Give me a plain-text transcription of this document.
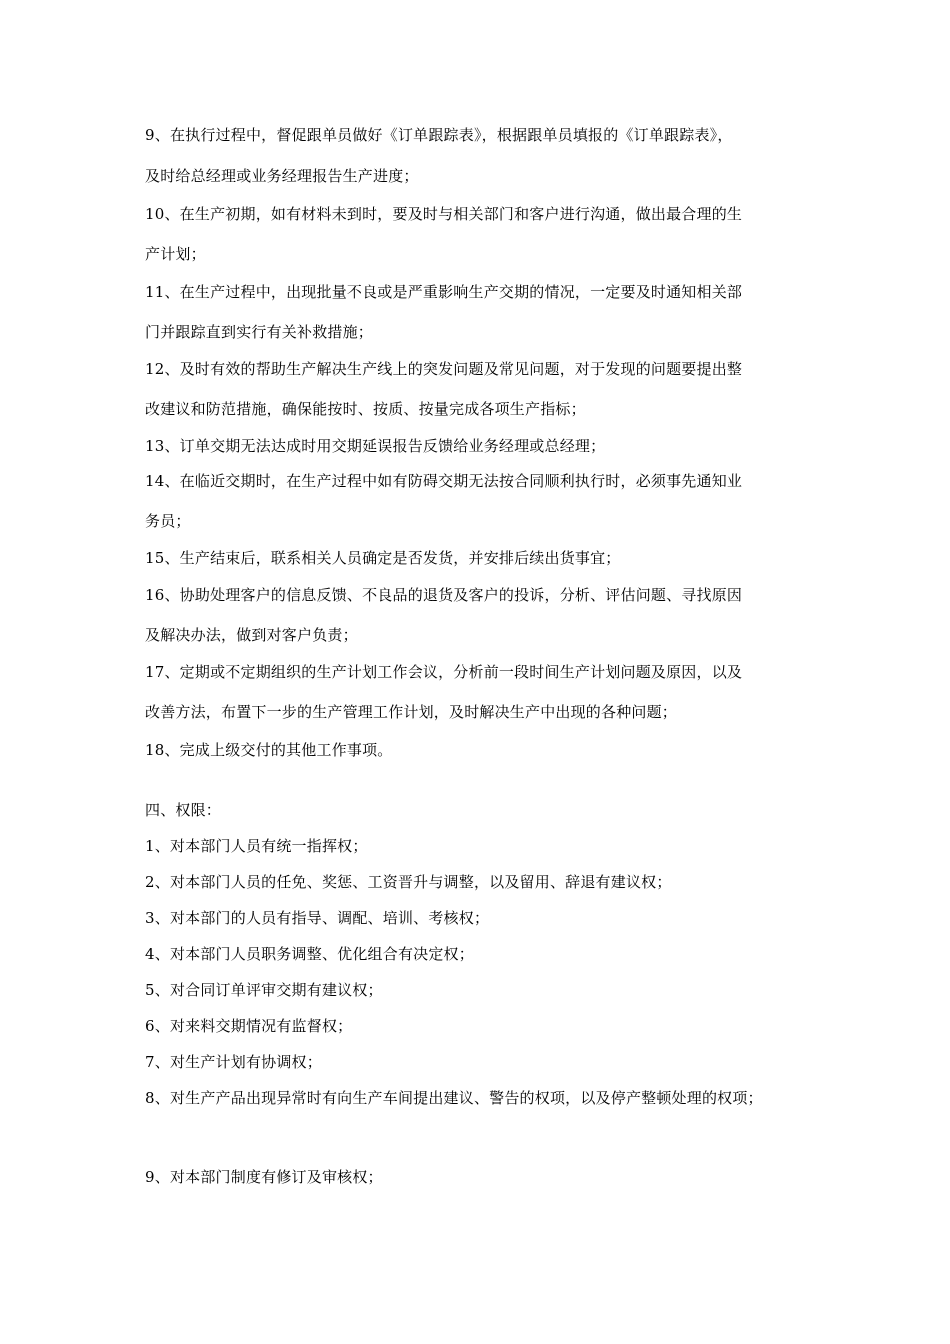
9、在执行过程中，督促跟单员做好《订单跟踪表》，根据跟单员填报的《订单跟踪表》，
及时给总经理或业务经理报告生产进度；
10、在生产初期，如有材料未到时，要及时与相关部门和客户进行沟通，做出最合理的生
产计划；
11、在生产过程中，出现批量不良或是严重影响生产交期的情况，一定要及时通知相关部
门并跟踪直到实行有关补救措施；
12、及时有效的帮助生产解决生产线上的突发问题及常见问题，对于发现的问题要提出整
改建议和防范措施，确保能按时、按质、按量完成各项生产指标；
13、订单交期无法达成时用交期延误报告反馈给业务经理或总经理；
14、在临近交期时，在生产过程中如有防碍交期无法按合同顺利执行时，必须事先通知业
务员；
15、生产结束后，联系相关人员确定是否发货，并安排后续出货事宜；
16、协助处理客户的信息反馈、不良品的退货及客户的投诉，分析、评估问题、寻找原因
及解决办法，做到对客户负责；
17、定期或不定期组织的生产计划工作会议，分析前一段时间生产计划问题及原因，以及
改善方法，布置下一步的生产管理工作计划，及时解决生产中出现的各种问题；
18、完成上级交付的其他工作事项。
四、权限：
1、对本部门人员有统一指挥权；
2、对本部门人员的任免、奖惩、工资晋升与调整，以及留用、辞退有建议权；
3、对本部门的人员有指导、调配、培训、考核权；
4、对本部门人员职务调整、优化组合有决定权；
5、对合同订单评审交期有建议权；
6、对来料交期情况有监督权；
7、对生产计划有协调权；
8、对生产产品出现异常时有向生产车间提出建议、警告的权项，以及停产整顿处理的权项；
9、对本部门制度有修订及审核权；
